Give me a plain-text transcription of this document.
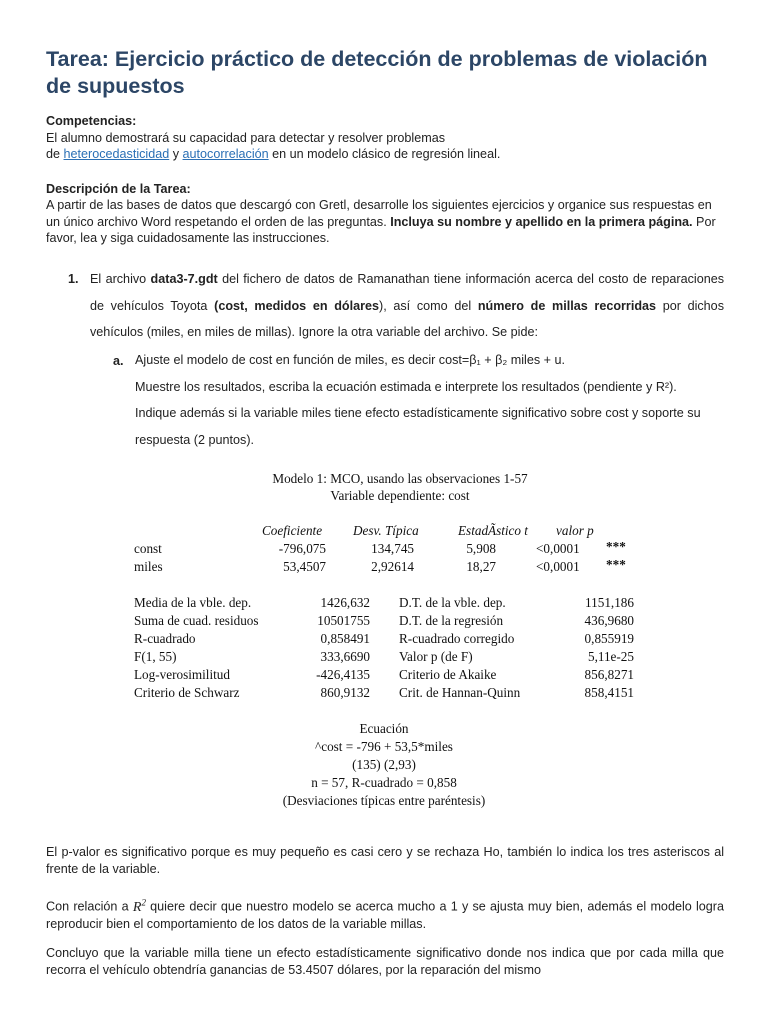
Tarea: Ejercicio práctico de detección de problemas de violación de supuestos

Competencias:

El alumno demostrará su capacidad para detectar y resolver problemas

de heterocedasticidad y autocorrelación en un modelo clásico de regresión lineal.

Descripción de la Tarea:

A partir de las bases de datos que descargó con Gretl, desarrolle los siguientes ejercicios y organice sus respuestas en un único archivo Word respetando el orden de las preguntas. Incluya su nombre y apellido en la primera página. Por favor, lea y siga cuidadosamente las instrucciones.

1. El archivo data3-7.gdt del fichero de datos de Ramanathan tiene información acerca del costo de reparaciones de vehículos Toyota (cost, medidos en dólares), así como del número de millas recorridas por dichos vehículos (miles, en miles de millas). Ignore la otra variable del archivo. Se pide:
a. Ajuste el modelo de cost en función de miles, es decir cost=β₁ + β₂ miles + u.
Muestre los resultados, escriba la ecuación estimada e interprete los resultados (pendiente y R²). Indique además si la variable miles tiene efecto estadísticamente significativo sobre cost y soporte su respuesta (2 puntos).
Modelo 1: MCO, usando las observaciones 1-57
Variable dependiente: cost
Coeficiente Desv. Típica	EstadÃstico t valor p
const	-796,075	134,745	5,908	<0,0001 ***
miles	53,4507	2,92614	18,27	<0,0001 ***
Media de la vble. dep.	1426,632 D.T. de la vble. dep.	1151,186
Suma de cuad. residuos	10501755 D.T. de la regresión	436,9680
R-cuadrado	0,858491 R-cuadrado corregido	0,855919
F(1, 55)	333,6690 Valor p (de F)	5,11e-25
Log-verosimilitud	-426,4135 Criterio de Akaike	856,8271
Criterio de Schwarz	860,9132 Crit. de Hannan-Quinn	858,4151
Ecuación
^cost = -796 + 53,5*miles
(135) (2,93)
n = 57, R-cuadrado = 0,858
(Desviaciones típicas entre paréntesis)
El p-valor es significativo porque es muy pequeño es casi cero y se rechaza Ho, también lo indica los tres asteriscos al frente de la variable.
Con relación a $R^2$ quiere decir que nuestro modelo se acerca mucho a 1 y se ajusta muy bien, además el modelo logra reproducir bien el comportamiento de los datos de la variable millas.
Concluyo que la variable milla tiene un efecto estadísticamente significativo donde nos indica que por cada milla que recorra el vehículo obtendría ganancias de 53.4507 dólares, por la reparación del mismo
